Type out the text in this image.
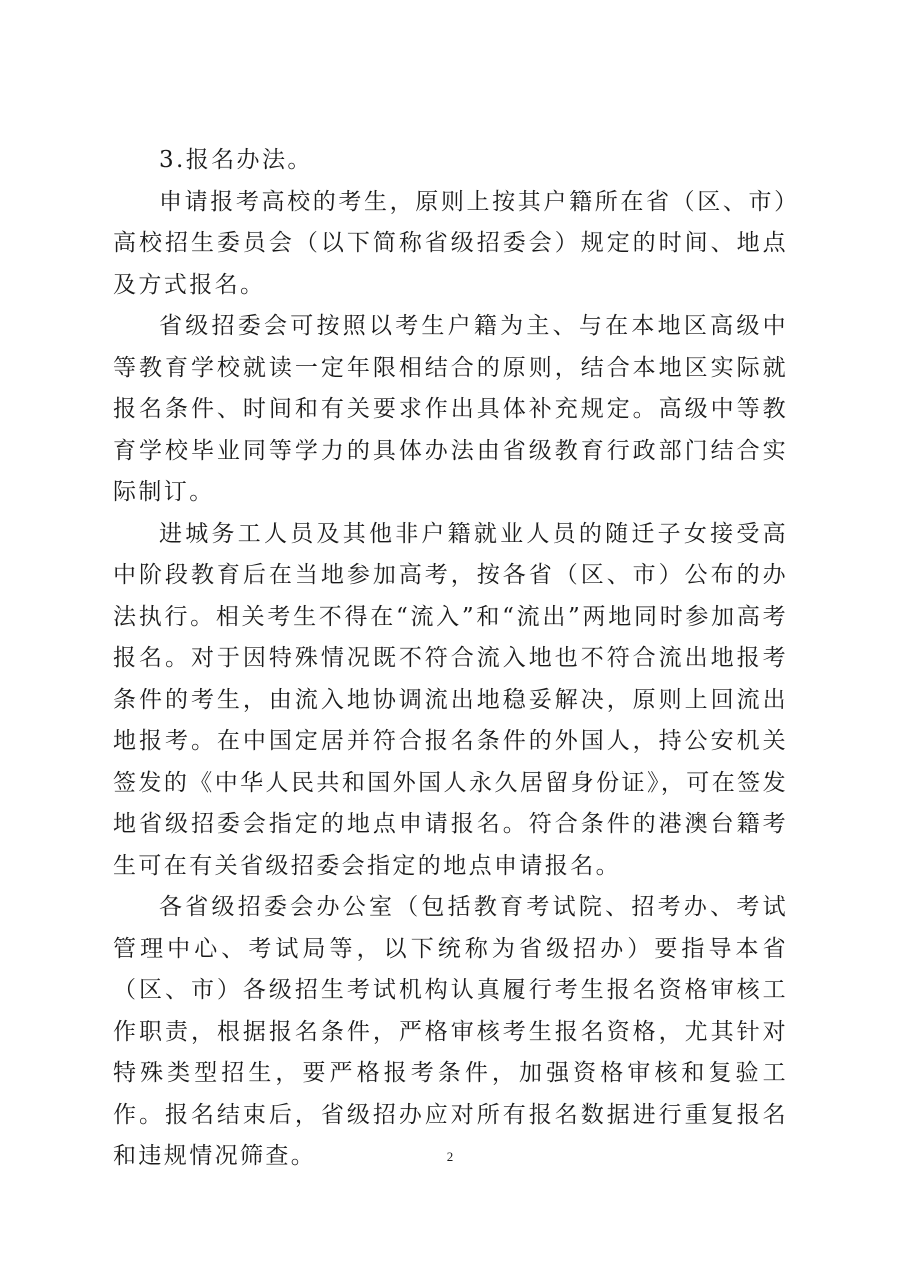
3.报名办法。

申请报考高校的考生，原则上按其户籍所在省（区、市）高校招生委员会（以下简称省级招委会）规定的时间、地点及方式报名。

省级招委会可按照以考生户籍为主、与在本地区高级中等教育学校就读一定年限相结合的原则，结合本地区实际就报名条件、时间和有关要求作出具体补充规定。高级中等教育学校毕业同等学力的具体办法由省级教育行政部门结合实际制订。

进城务工人员及其他非户籍就业人员的随迁子女接受高中阶段教育后在当地参加高考，按各省（区、市）公布的办法执行。相关考生不得在“流入”和“流出”两地同时参加高考报名。对于因特殊情况既不符合流入地也不符合流出地报考条件的考生，由流入地协调流出地稳妥解决，原则上回流出地报考。在中国定居并符合报名条件的外国人，持公安机关签发的《中华人民共和国外国人永久居留身份证》，可在签发地省级招委会指定的地点申请报名。符合条件的港澳台籍考生可在有关省级招委会指定的地点申请报名。

各省级招委会办公室（包括教育考试院、招考办、考试管理中心、考试局等，以下统称为省级招办）要指导本省（区、市）各级招生考试机构认真履行考生报名资格审核工作职责，根据报名条件，严格审核考生报名资格，尤其针对特殊类型招生，要严格报考条件，加强资格审核和复验工作。报名结束后，省级招办应对所有报名数据进行重复报名和违规情况筛查。	2
